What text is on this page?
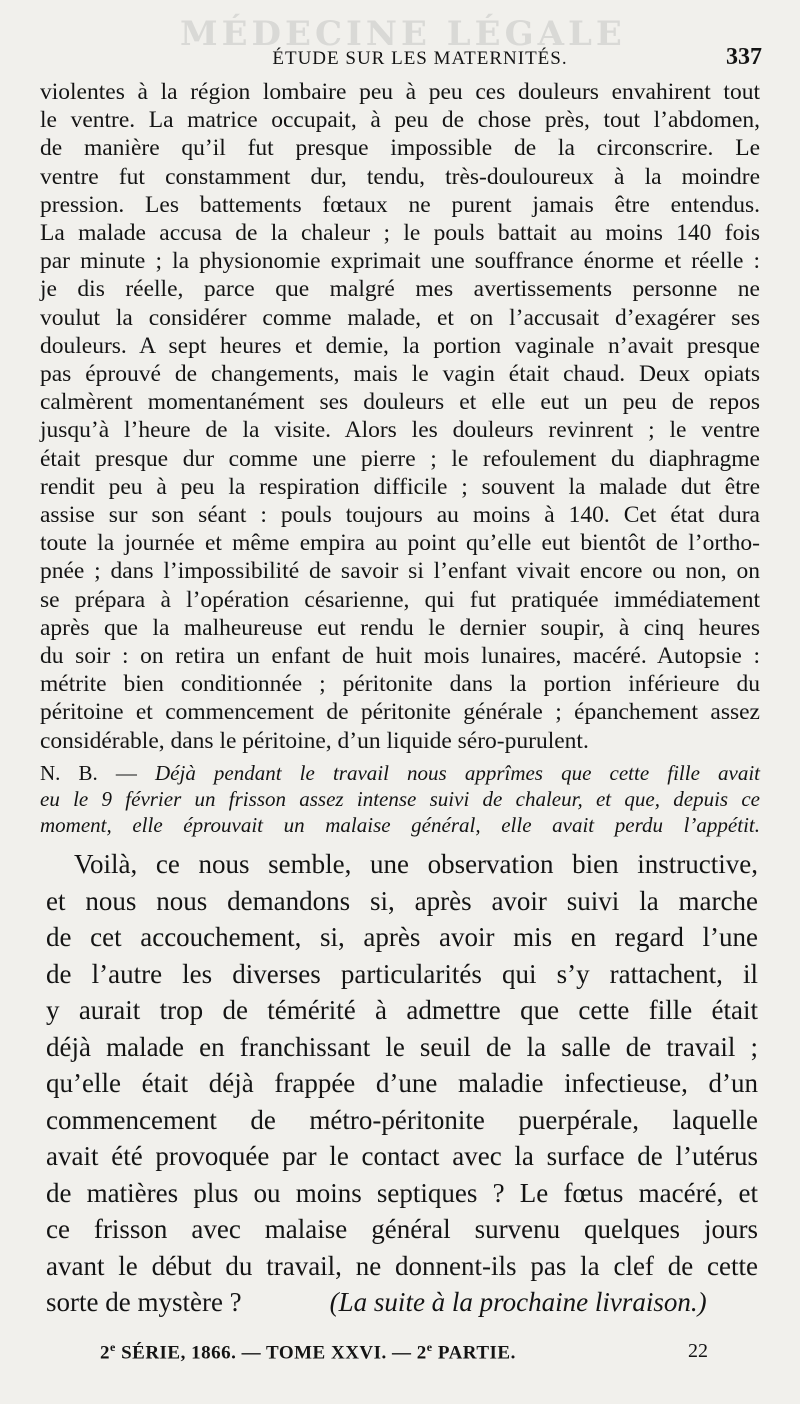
MÉDECINE LÉGALE
ÉTUDE SUR LES MATERNITÉS.	337
violentes à la région lombaire peu à peu ces douleurs envahirent tout
le ventre. La matrice occupait, à peu de chose près, tout l’abdomen,
de manière qu’il fut presque impossible de la circonscrire. Le
ventre fut constamment dur, tendu, très-douloureux à la moindre
pression. Les battements fœtaux ne purent jamais être entendus.
La malade accusa de la chaleur ; le pouls battait au moins 140 fois
par minute ; la physionomie exprimait une souffrance énorme et réelle :
je dis réelle, parce que malgré mes avertissements personne ne
voulut la considérer comme malade, et on l’accusait d’exagérer ses
douleurs. A sept heures et demie, la portion vaginale n’avait presque
pas éprouvé de changements, mais le vagin était chaud. Deux opiats
calmèrent momentanément ses douleurs et elle eut un peu de repos
jusqu’à l’heure de la visite. Alors les douleurs revinrent ; le ventre
était presque dur comme une pierre ; le refoulement du diaphragme
rendit peu à peu la respiration difficile ; souvent la malade dut être
assise sur son séant : pouls toujours au moins à 140. Cet état dura
toute la journée et même empira au point qu’elle eut bientôt de l’ortho-
pnée ; dans l’impossibilité de savoir si l’enfant vivait encore ou non, on
se prépara à l’opération césarienne, qui fut pratiquée immédiatement
après que la malheureuse eut rendu le dernier soupir, à cinq heures
du soir : on retira un enfant de huit mois lunaires, macéré. Autopsie :
métrite bien conditionnée ; péritonite dans la portion inférieure du
péritoine et commencement de péritonite générale ; épanchement assez
considérable, dans le péritoine, d’un liquide séro-purulent.
N. B. — Déjà pendant le travail nous apprîmes que cette fille avait
eu le 9 février un frisson assez intense suivi de chaleur, et que, depuis ce
moment, elle éprouvait un malaise général, elle avait perdu l’appétit.
Voilà, ce nous semble, une observation bien instructive,
et nous nous demandons si, après avoir suivi la marche
de cet accouchement, si, après avoir mis en regard l’une
de l’autre les diverses particularités qui s’y rattachent, il
y aurait trop de témérité à admettre que cette fille était
déjà malade en franchissant le seuil de la salle de travail ;
qu’elle était déjà frappée d’une maladie infectieuse, d’un
commencement de métro-péritonite puerpérale, laquelle
avait été provoquée par le contact avec la surface de l’utérus
de matières plus ou moins septiques ? Le fœtus macéré, et
ce frisson avec malaise général survenu quelques jours
avant le début du travail, ne donnent-ils pas la clef de cette
sorte de mystère ?	(La suite à la prochaine livraison.)
2e SÉRIE, 1866. — TOME XXVI. — 2e PARTIE.	22
